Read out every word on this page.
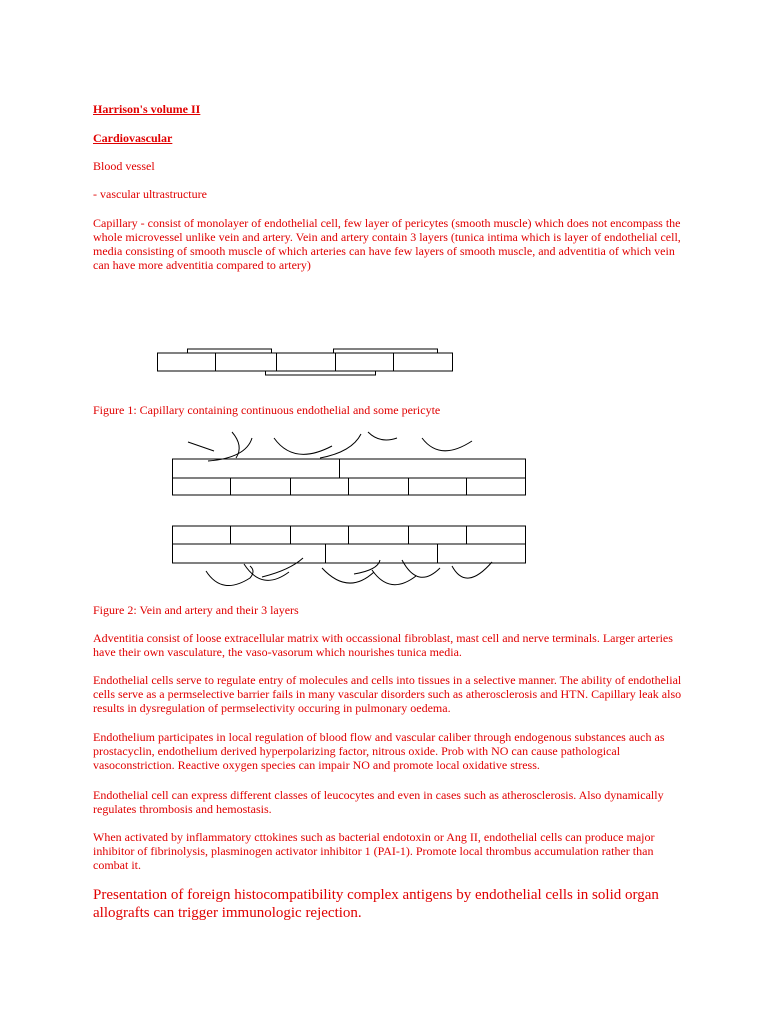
Harrison's volume II

Cardiovascular

Blood vessel

- vascular ultrastructure

Capillary - consist of monolayer of endothelial cell, few layer of pericytes (smooth muscle) which does not encompass the whole microvessel unlike vein and artery. Vein and artery contain 3 layers (tunica intima which is layer of endothelial cell, media consisting of smooth muscle of which arteries can have few layers of smooth muscle, and adventitia of which vein can have more adventitia compared to artery)

Figure 1: Capillary containing continuous endothelial and some pericyte

Figure 2: Vein and artery and their 3 layers

Adventitia consist of loose extracellular matrix with occassional fibroblast, mast cell and nerve terminals. Larger arteries have their own vasculature, the vaso-vasorum which nourishes tunica media.

Endothelial cells serve to regulate entry of molecules and cells into tissues in a selective manner. The ability of endothelial cells serve as a permselective barrier fails in many vascular disorders such as atherosclerosis and HTN. Capillary leak also results in dysregulation of permselectivity occuring in pulmonary oedema.

Endothelium participates in local regulation of blood flow and vascular caliber through endogenous substances auch as prostacyclin, endothelium derived hyperpolarizing factor, nitrous oxide. Prob with NO can cause pathological vasoconstriction. Reactive oxygen species can impair NO and promote local oxidative stress.

Endothelial cell can express different classes of leucocytes and even in cases such as atherosclerosis. Also dynamically regulates thrombosis and hemostasis.

When activated by inflammatory cttokines such as bacterial endotoxin or Ang II, endothelial cells can produce major inhibitor of fibrinolysis, plasminogen activator inhibitor 1 (PAI-1). Promote local thrombus accumulation rather than combat it.

Presentation of foreign histocompatibility complex antigens by endothelial cells in solid organ allografts can trigger immunologic rejection.
